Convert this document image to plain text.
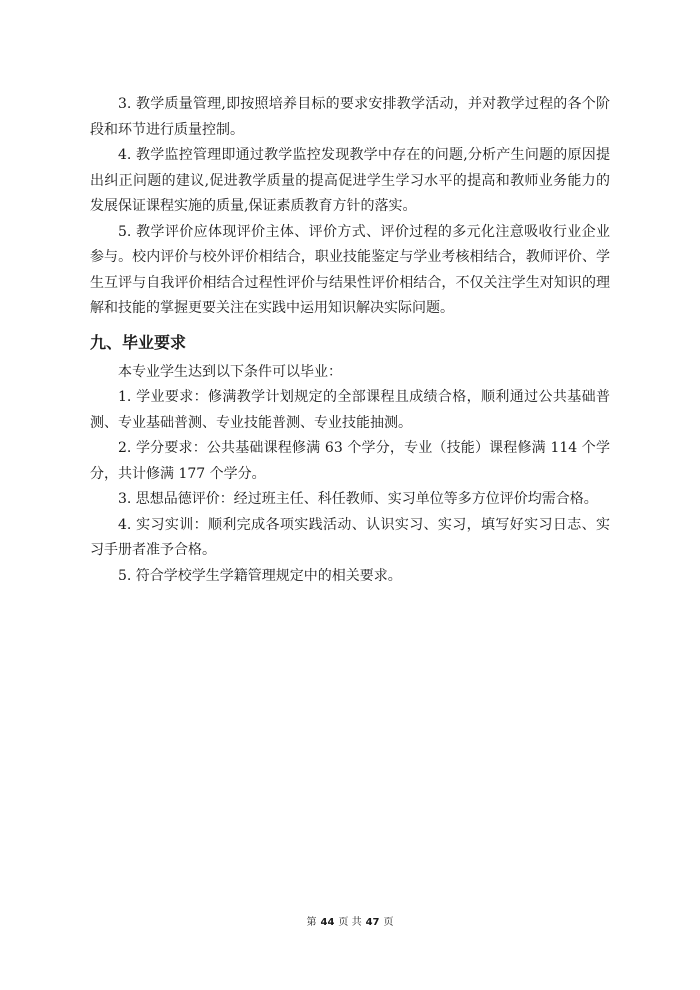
3. 教学质量管理,即按照培养目标的要求安排教学活动，并对教学过程的各个阶段和环节进行质量控制。

4. 教学监控管理即通过教学监控发现教学中存在的问题,分析产生问题的原因提出纠正问题的建议,促进教学质量的提高促进学生学习水平的提高和教师业务能力的发展保证课程实施的质量,保证素质教育方针的落实。

5. 教学评价应体现评价主体、评价方式、评价过程的多元化注意吸收行业企业参与。校内评价与校外评价相结合，职业技能鉴定与学业考核相结合，教师评价、学生互评与自我评价相结合过程性评价与结果性评价相结合，不仅关注学生对知识的理解和技能的掌握更要关注在实践中运用知识解决实际问题。

九、毕业要求

本专业学生达到以下条件可以毕业：

1. 学业要求：修满教学计划规定的全部课程且成绩合格，顺利通过公共基础普测、专业基础普测、专业技能普测、专业技能抽测。

2. 学分要求：公共基础课程修满 63 个学分，专业（技能）课程修满 114 个学分，共计修满 177 个学分。

3. 思想品德评价：经过班主任、科任教师、实习单位等多方位评价均需合格。

4. 实习实训：顺利完成各项实践活动、认识实习、实习，填写好实习日志、实习手册者准予合格。

5. 符合学校学生学籍管理规定中的相关要求。

第 44 页 共 47 页
